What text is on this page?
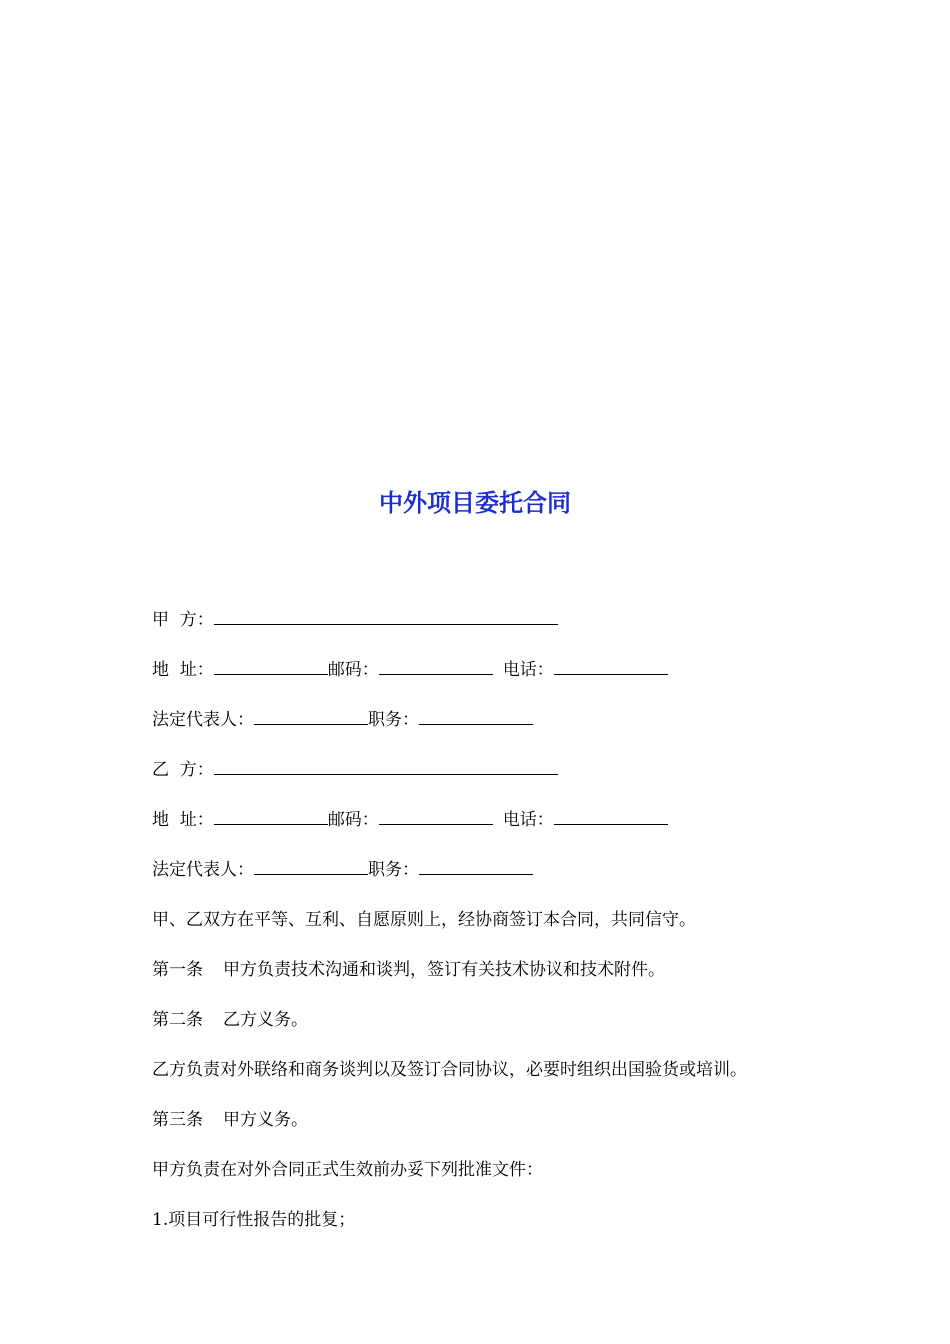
中外项目委托合同
甲  方：
地  址：	邮码：	电话：
法定代表人：	职务：
乙  方：
地  址：	邮码：	电话：
法定代表人：	职务：
甲、乙双方在平等、互利、自愿原则上，经协商签订本合同，共同信守。
第一条 甲方负责技术沟通和谈判，签订有关技术协议和技术附件。
第二条 乙方义务。
乙方负责对外联络和商务谈判以及签订合同协议，必要时组织出国验货或培训。
第三条 甲方义务。
甲方负责在对外合同正式生效前办妥下列批准文件：
1.项目可行性报告的批复；
